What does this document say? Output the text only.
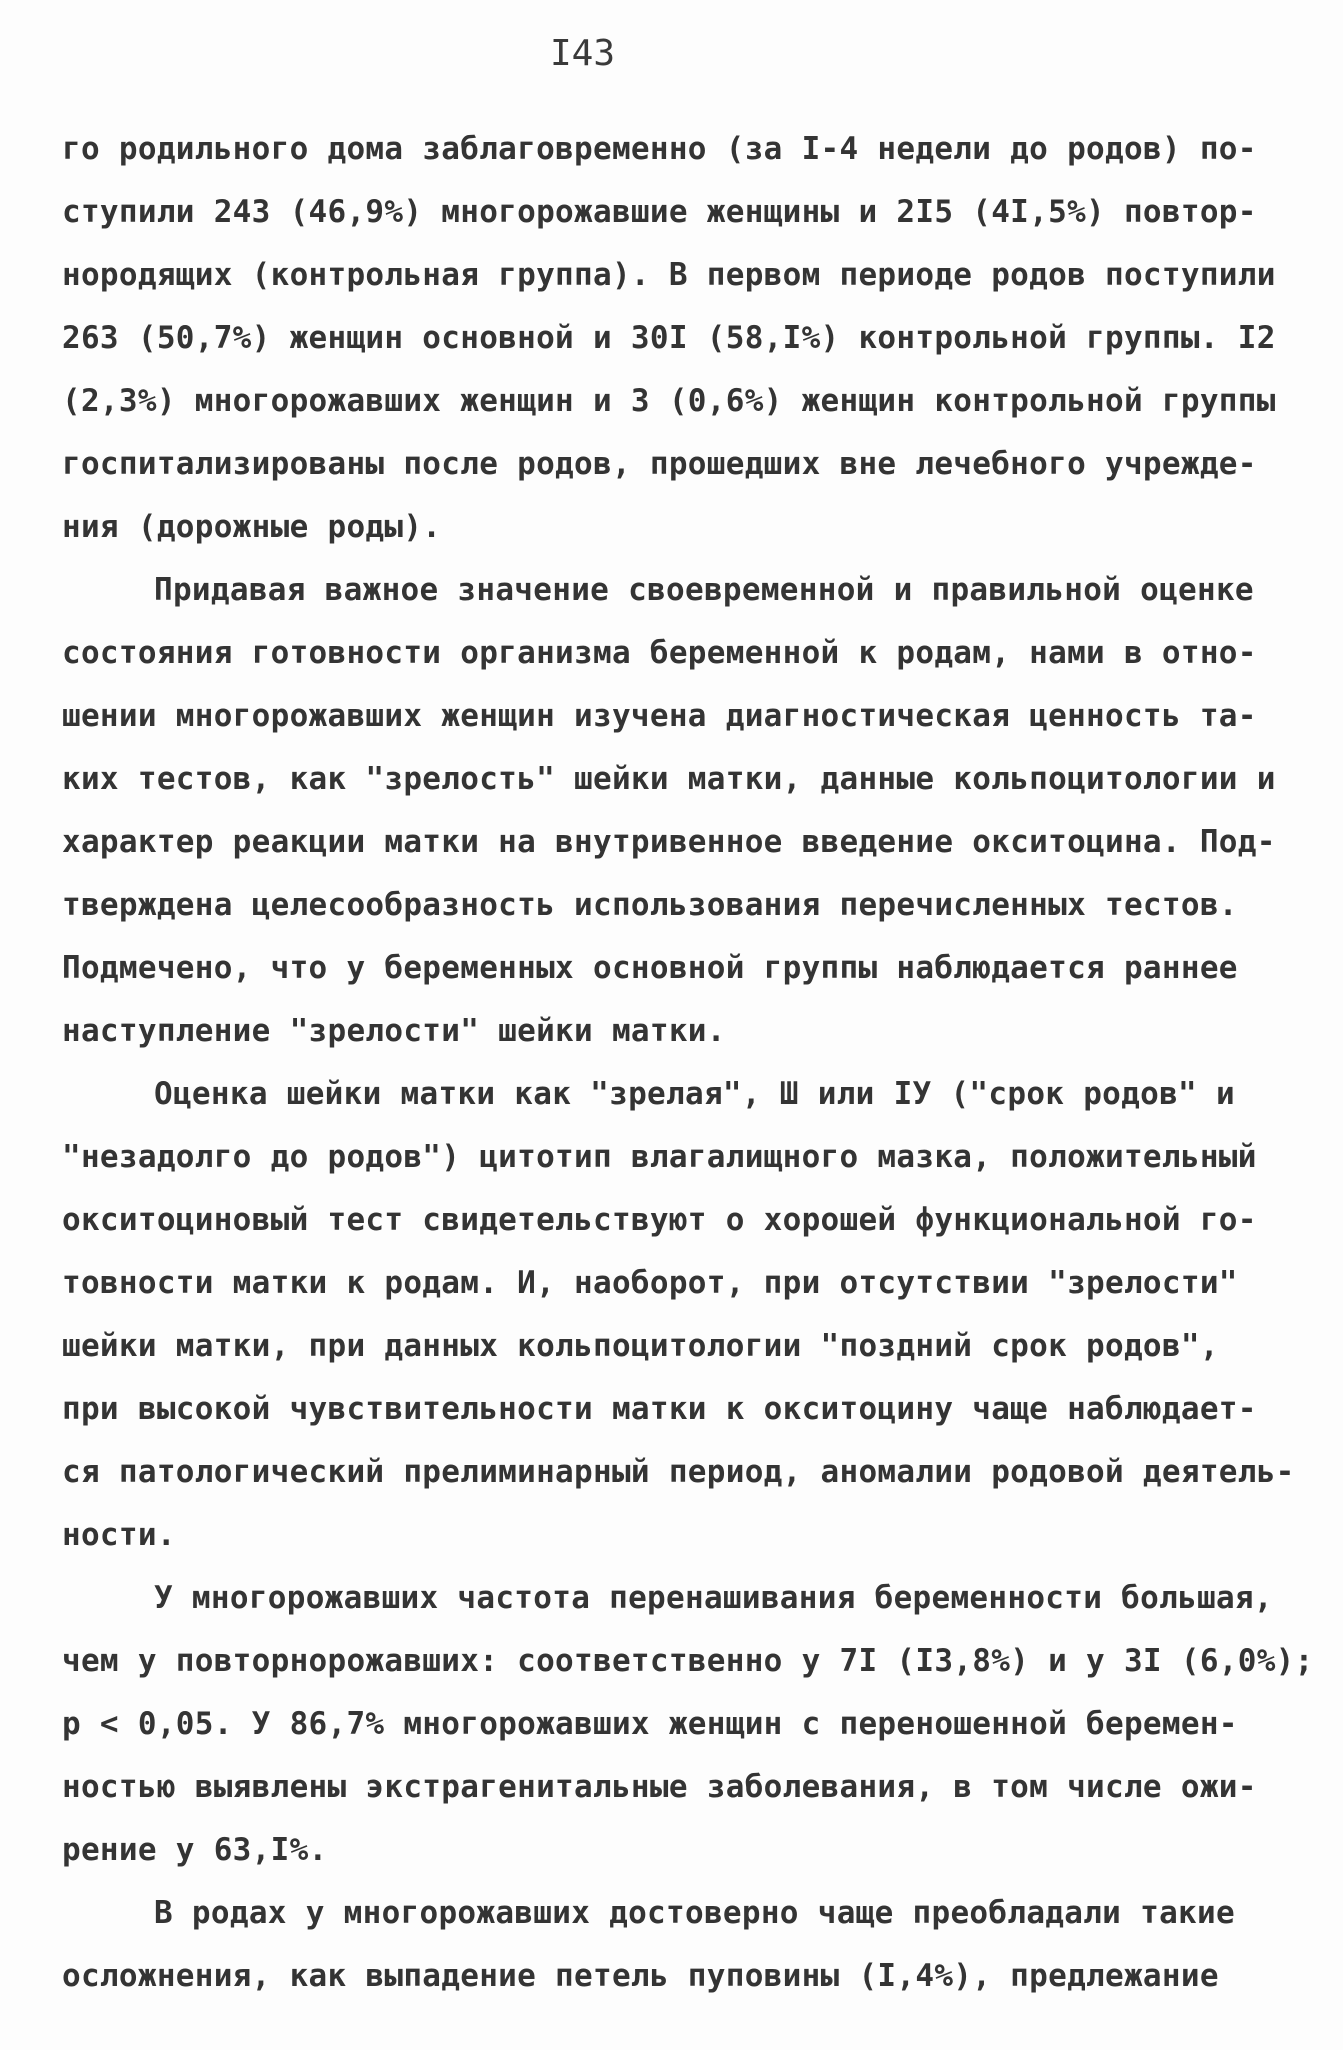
I43
го родильного дома заблаговременно (за I-4 недели до родов) по-
ступили 243 (46,9%) многорожавшие женщины и 2I5 (4I,5%) повтор-
нородящих (контрольная группа). В первом периоде родов поступили
263 (50,7%) женщин основной и 30I (58,I%) контрольной группы. I2
(2,3%) многорожавших женщин и 3 (0,6%) женщин контрольной группы
госпитализированы после родов, прошедших вне лечебного учрежде-
ния (дорожные роды).
Придавая важное значение своевременной и правильной оценке
состояния готовности организма беременной к родам, нами в отно-
шении многорожавших женщин изучена диагностическая ценность та-
ких тестов, как "зрелость" шейки матки, данные кольпоцитологии и
характер реакции матки на внутривенное введение окситоцина. Под-
тверждена целесообразность использования перечисленных тестов.
Подмечено, что у беременных основной группы наблюдается раннее
наступление "зрелости" шейки матки.
Оценка шейки матки как "зрелая", Ш или IУ ("срок родов" и
"незадолго до родов") цитотип влагалищного мазка, положительный
окситоциновый тест свидетельствуют о хорошей функциональной го-
товности матки к родам. И, наоборот, при отсутствии "зрелости"
шейки матки, при данных кольпоцитологии "поздний срок родов",
при высокой чувствительности матки к окситоцину чаще наблюдает-
ся патологический прелиминарный период, аномалии родовой деятель-
ности.
У многорожавших частота перенашивания беременности большая,
чем у повторнорожавших: соответственно у 7I (I3,8%) и у 3I (6,0%);
р < 0,05. У 86,7% многорожавших женщин с переношенной беремен-
ностью выявлены экстрагенитальные заболевания, в том числе ожи-
рение у 63,I%.
В родах у многорожавших достоверно чаще преобладали такие
осложнения, как выпадение петель пуповины (I,4%), предлежание
